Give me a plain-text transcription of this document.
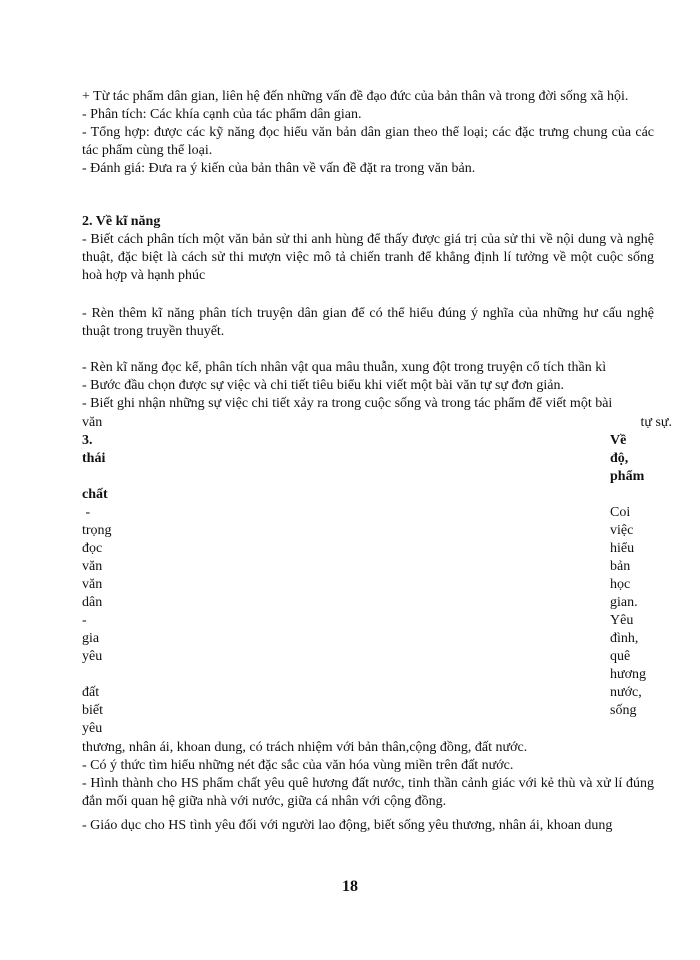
+ Từ tác phẩm dân gian, liên hệ đến những vấn đề đạo đức của bản thân và trong đời sống xã hội.
- Phân tích: Các khía cạnh của tác phẩm dân gian.
- Tổng hợp: được các kỹ năng đọc hiểu văn bản dân gian theo thể loại; các đặc trưng chung của các tác phẩm cùng thể loại.
- Đánh giá: Đưa ra ý kiến của bản thân về vấn đề đặt ra trong văn bản.
2. Về kĩ năng
- Biết cách phân tích một văn bản sử thi anh hùng để thấy được giá trị của sử thi về nội dung và nghệ thuật, đặc biệt là cách sử thi mượn việc mô tả chiến tranh để khẳng định lí tưởng về một cuộc sống hoà hợp và hạnh phúc
- Rèn thêm kĩ năng phân tích truyện dân gian để có thể hiểu đúng ý nghĩa của những hư cấu nghệ thuật trong truyền thuyết.
- Rèn kĩ năng đọc kể, phân tích nhân vật qua mâu thuẫn, xung đột trong truyện cổ tích thần kì
- Bước đầu chọn được sự việc và chi tiết tiêu biểu khi viết một bài văn tự sự đơn giản.
- Biết ghi nhận những sự việc chi tiết xảy ra trong cuộc sống và trong tác phẩm để viết một bài
văn	tự sự.
3.	Về
thái	độ,
phẩm
chất
-	Coi
trọng	việc
đọc	hiểu
văn	bản
văn	học
dân	gian.
-	Yêu
gia	đình,
yêu	quê
hương
đất	nước,
biết	sống
yêu
thương, nhân ái, khoan dung, có trách nhiệm với bản thân,cộng đồng, đất nước.
- Có ý thức tìm hiểu những nét đặc sắc của văn hóa vùng miền trên đất nước.
- Hình thành cho HS phẩm chất yêu quê hương đất nước, tinh thần cảnh giác với kẻ thù và xử lí đúng đắn mối quan hệ giữa nhà với nước, giữa cá nhân với cộng đồng.
- Giáo dục cho HS tình yêu đối với người lao động, biết sống yêu thương, nhân ái, khoan dung
18
